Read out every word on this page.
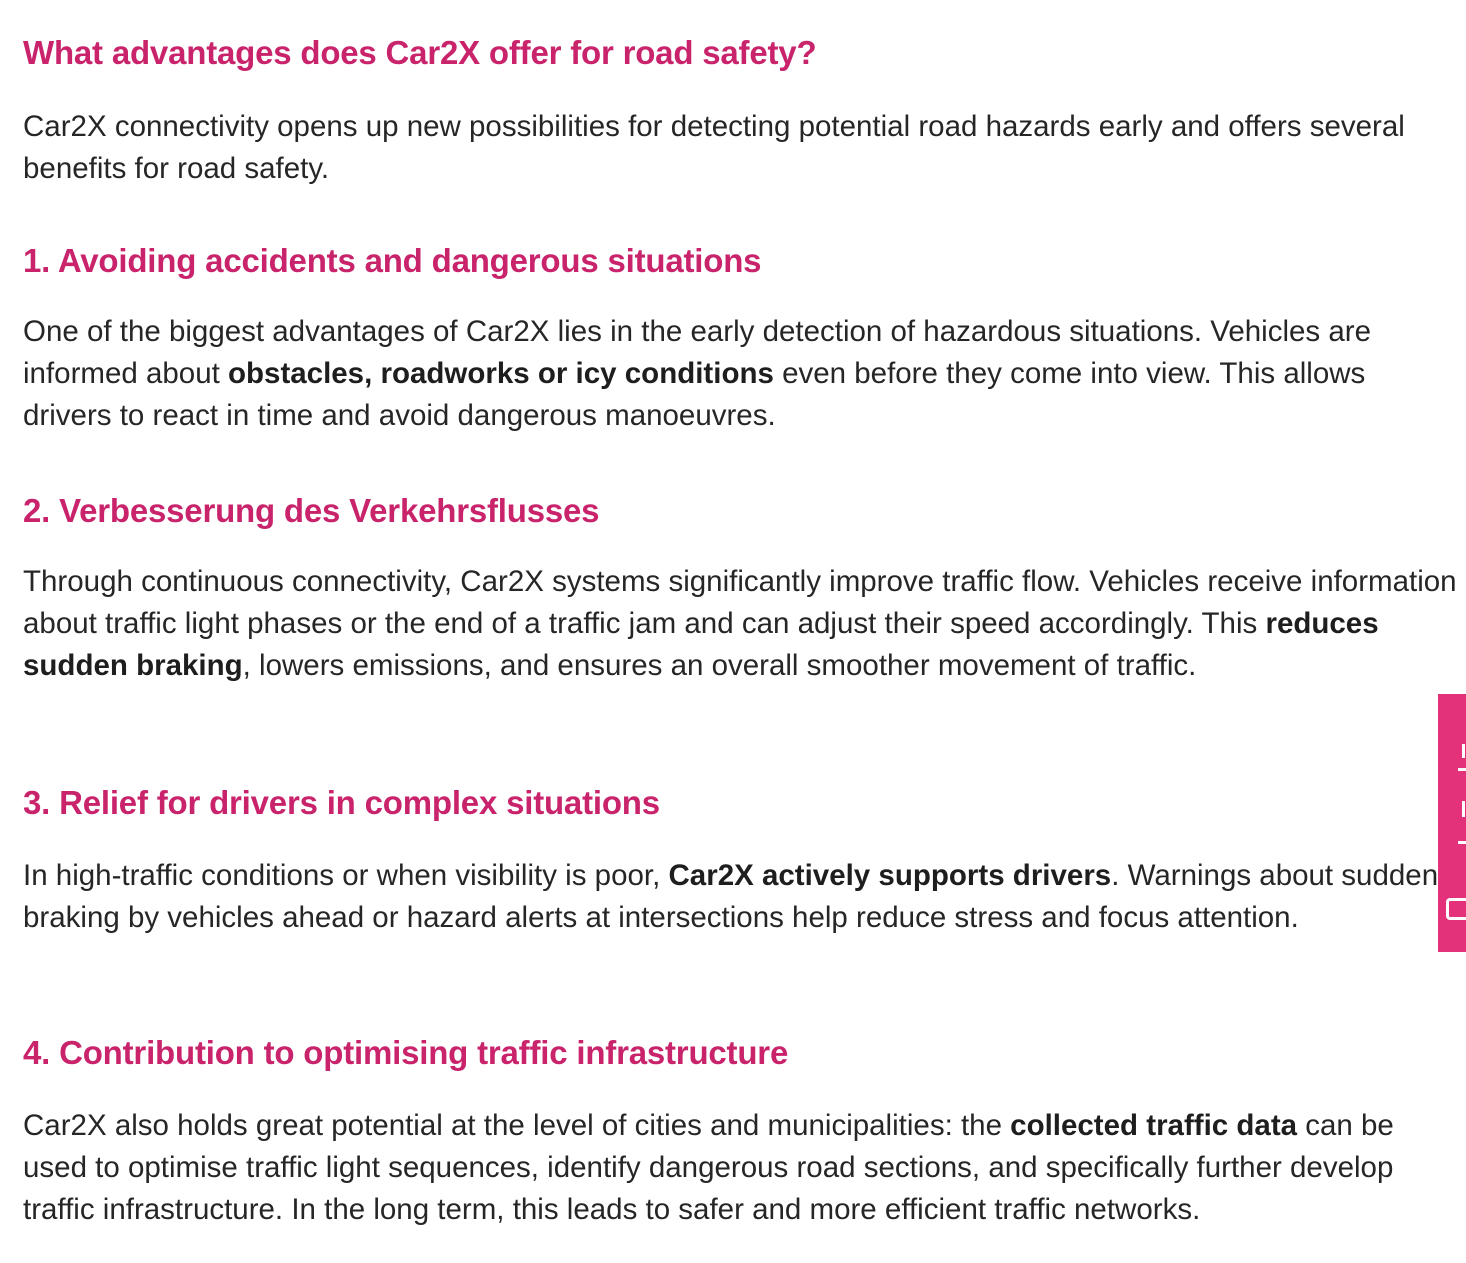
What advantages does Car2X offer for road safety?

Car2X connectivity opens up new possibilities for detecting potential road hazards early and offers several benefits for road safety.

1. Avoiding accidents and dangerous situations

One of the biggest advantages of Car2X lies in the early detection of hazardous situations. Vehicles are informed about obstacles, roadworks or icy conditions even before they come into view. This allows drivers to react in time and avoid dangerous manoeuvres.

2. Verbesserung des Verkehrsflusses

Through continuous connectivity, Car2X systems significantly improve traffic flow. Vehicles receive information about traffic light phases or the end of a traffic jam and can adjust their speed accordingly. This reduces sudden braking, lowers emissions, and ensures an overall smoother movement of traffic.

3. Relief for drivers in complex situations

In high-traffic conditions or when visibility is poor, Car2X actively supports drivers. Warnings about sudden braking by vehicles ahead or hazard alerts at intersections help reduce stress and focus attention.

4. Contribution to optimising traffic infrastructure

Car2X also holds great potential at the level of cities and municipalities: the collected traffic data can be used to optimise traffic light sequences, identify dangerous road sections, and specifically further develop traffic infrastructure. In the long term, this leads to safer and more efficient traffic networks.
